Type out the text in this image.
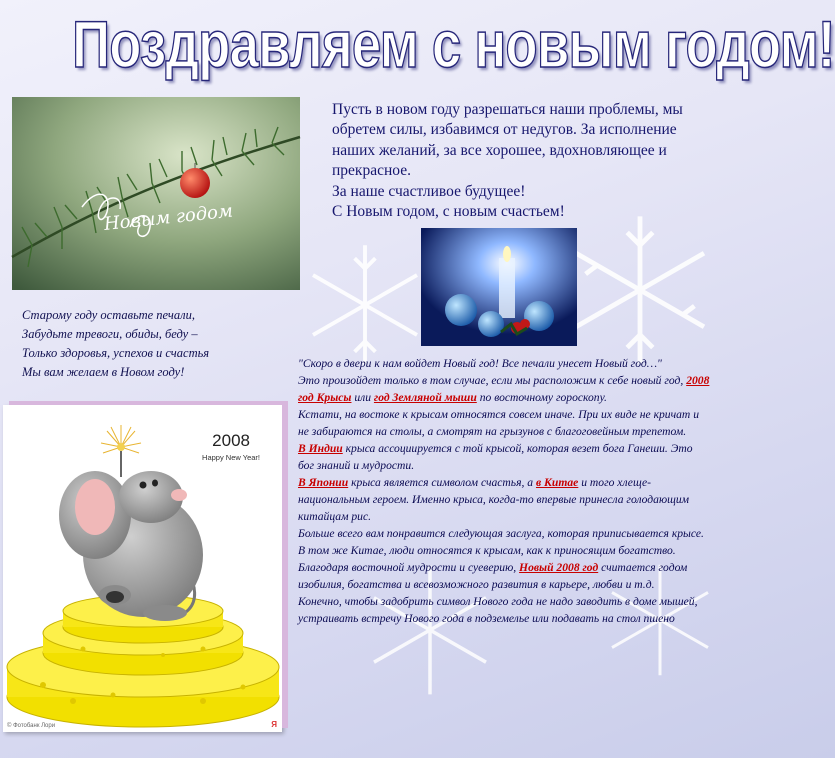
Поздравляем с новым годом!
Новым годом

Пусть в новом году разрешаться наши проблемы, мы обретем силы, избавимся от недугов. За исполнение наших желаний, за все хорошее, вдохновляющее и прекрасное.

За наше счастливое будущее!

С Новым годом, с новым счастьем!

Старому году оставьте печали,
Забудьте тревоги, обиды, беду –
Только здоровья, успехов и счастья
Мы вам желаем в Новом году!
2008
Happy New Year!
© Фотобанк Лори	Я

"Скоро в двери к нам войдет Новый год! Все печали унесет Новый год…"

Это произойдет только в том случае, если мы расположим к себе новый год, 2008 год Крысы или год Земляной мыши по восточному гороскопу.

Кстати, на востоке к крысам относятся совсем иначе. При их виде не кричат и не забираются на столы, а смотрят на грызунов с благоговейным трепетом.

В Индии крыса ассоциируется с той крысой, которая везет бога Ганеши. Это бог знаний и мудрости.

В Японии крыса является символом счастья, а в Китае и того хлеще-национальным героем. Именно крыса, когда-то впервые принесла голодающим китайцам рис.

Больше всего вам понравится следующая заслуга, которая приписывается крысе. В том же Китае, люди относятся к крысам, как к приносящим богатство.

Благодаря восточной мудрости и суеверию, Новый 2008 год считается годом изобилия, богатства и всевозможного развития в карьере, любви и т.д.

Конечно, чтобы задобрить символ Нового года не надо заводить в доме мышей, устраивать встречу Нового года в подземелье или подавать на стол пшено
